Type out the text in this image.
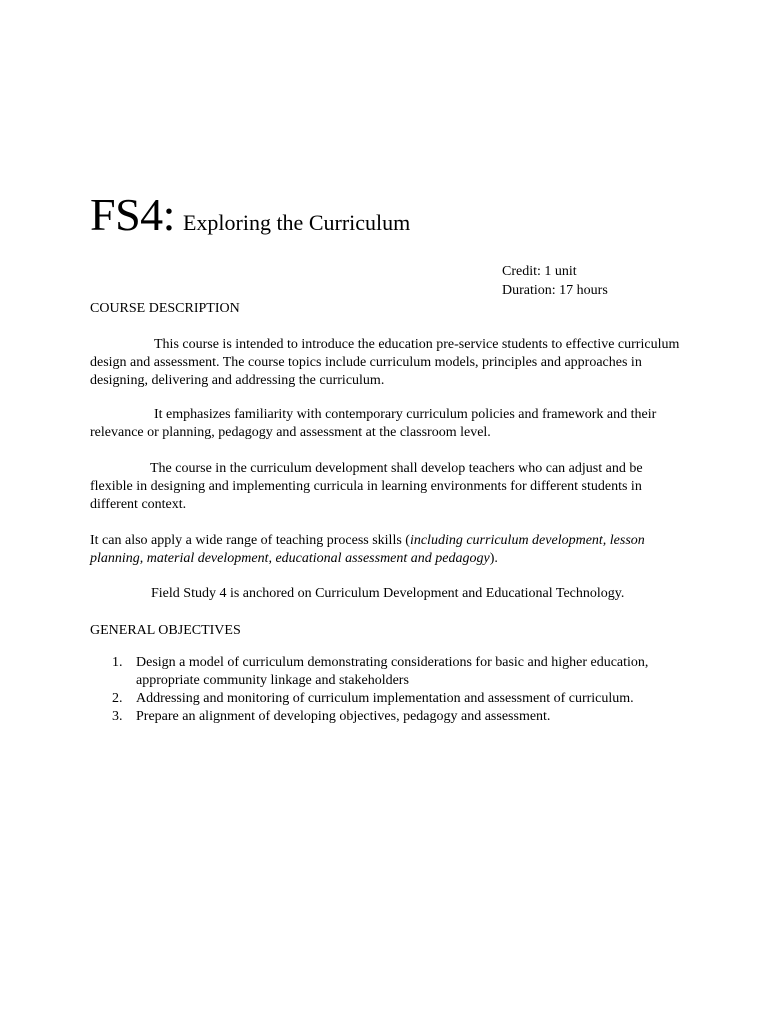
FS4: Exploring the Curriculum
Credit: 1 unit
Duration: 17 hours
COURSE DESCRIPTION

This course is intended to introduce the education pre-service students to effective curriculum design and assessment. The course topics include curriculum models, principles and approaches in designing, delivering and addressing the curriculum.

It emphasizes familiarity with contemporary curriculum policies and framework and their relevance or planning, pedagogy and assessment at the classroom level.

The course in the curriculum development shall develop teachers who can adjust and be flexible in designing and implementing curricula in learning environments for different students in different context.

It can also apply a wide range of teaching process skills (including curriculum development, lesson planning, material development, educational assessment and pedagogy).

Field Study 4 is anchored on Curriculum Development and Educational Technology.

GENERAL OBJECTIVES
1. Design a model of curriculum demonstrating considerations for basic and higher education, appropriate community linkage and stakeholders
2. Addressing and monitoring of curriculum implementation and assessment of curriculum.
3. Prepare an alignment of developing objectives, pedagogy and assessment.
